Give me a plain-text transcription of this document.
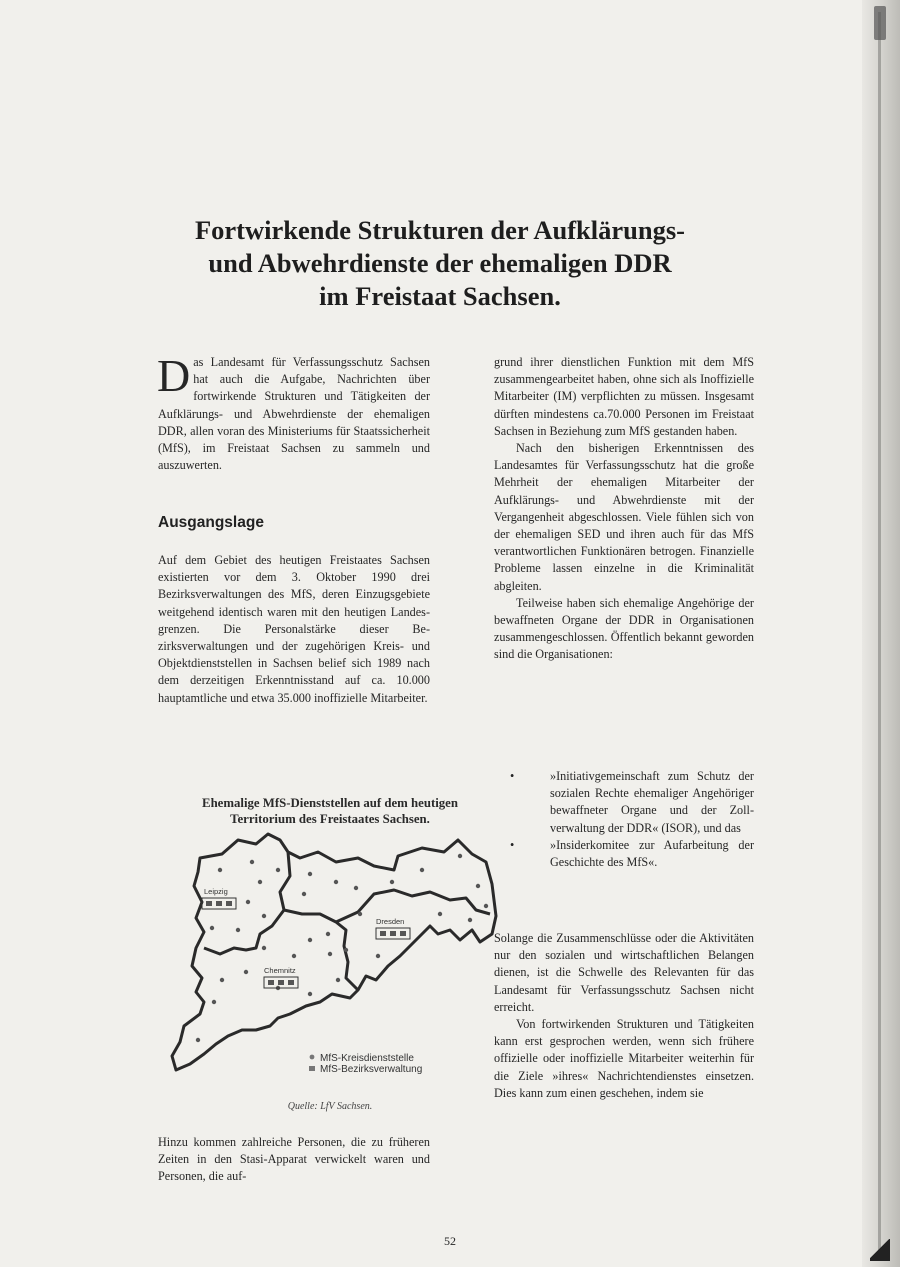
Fortwirkende Strukturen der Aufklärungs-
und Abwehrdienste der ehemaligen DDR
im Freistaat Sachsen.
D as Landesamt für Verfassungsschutz Sachsen hat auch die Aufgabe, Nachrichten über fortwirkende Strukturen und Tätigkeiten der Aufklärungs- und Abwehrdienste der ehemaligen DDR, allen voran des Ministeriums für Staatssicherheit (MfS), im Freistaat Sachsen zu sammeln und auszuwerten.
Ausgangslage

Auf dem Gebiet des heutigen Freistaates Sachsen existierten vor dem 3. Oktober 1990 drei Bezirksverwaltungen des MfS, deren Einzugsgebiete weitgehend identisch waren mit den heutigen Landesgrenzen. Die Personalstärke dieser Bezirksverwaltungen und der zugehörigen Kreis- und Objektdienststellen in Sachsen belief sich 1989 nach dem derzeitigen Erkenntnisstand auf ca. 10.000 hauptamtliche und etwa 35.000 inoffizielle Mitarbeiter.

Ehemalige MfS-Dienststellen auf dem heutigen
Territorium des Freistaates Sachsen.
Leipzig
Dresden
Chemnitz
MfS-Kreisdienststelle
MfS-Bezirksverwaltung
Quelle: LfV Sachsen.

Hinzu kommen zahlreiche Personen, die zu früheren Zeiten in den Stasi-Apparat verwickelt waren und Personen, die auf-

grund ihrer dienstlichen Funktion mit dem MfS zusammengearbeitet haben, ohne sich als Inoffizielle Mitarbeiter (IM) verpflichten zu müssen. Insgesamt dürften mindestens ca.70.000 Personen im Freistaat Sachsen in Beziehung zum MfS gestanden haben.

Nach den bisherigen Erkenntnissen des Landesamtes für Verfassungsschutz hat die große Mehrheit der ehemaligen Mitarbeiter der Aufklärungs- und Abwehrdienste mit der Vergangenheit abgeschlossen. Viele fühlen sich von der ehemaligen SED und ihren auch für das MfS verantwortlichen Funktionären betrogen. Finanzielle Probleme lassen einzelne in die Kriminalität abgleiten.

Teilweise haben sich ehemalige Angehörige der bewaffneten Organe der DDR in Organisationen zusammengeschlossen. Öffentlich bekannt geworden sind die Organisationen:

•	»Initiativgemeinschaft zum Schutz der sozialen Rechte ehemaliger Angehöriger bewaffneter Organe und der Zollverwaltung der DDR« (ISOR), und das
•	»Insiderkomitee zur Aufarbeitung der Geschichte des MfS«.

Solange die Zusammenschlüsse oder die Aktivitäten nur den sozialen und wirtschaftlichen Belangen dienen, ist die Schwelle des Relevanten für das Landesamt für Verfassungsschutz Sachsen nicht erreicht.

Von fortwirkenden Strukturen und Tätigkeiten kann erst gesprochen werden, wenn sich frühere offizielle oder inoffizielle Mitarbeiter weiterhin für die Ziele »ihres« Nachrichtendienstes einsetzen. Dies kann zum einen geschehen, indem sie

52
